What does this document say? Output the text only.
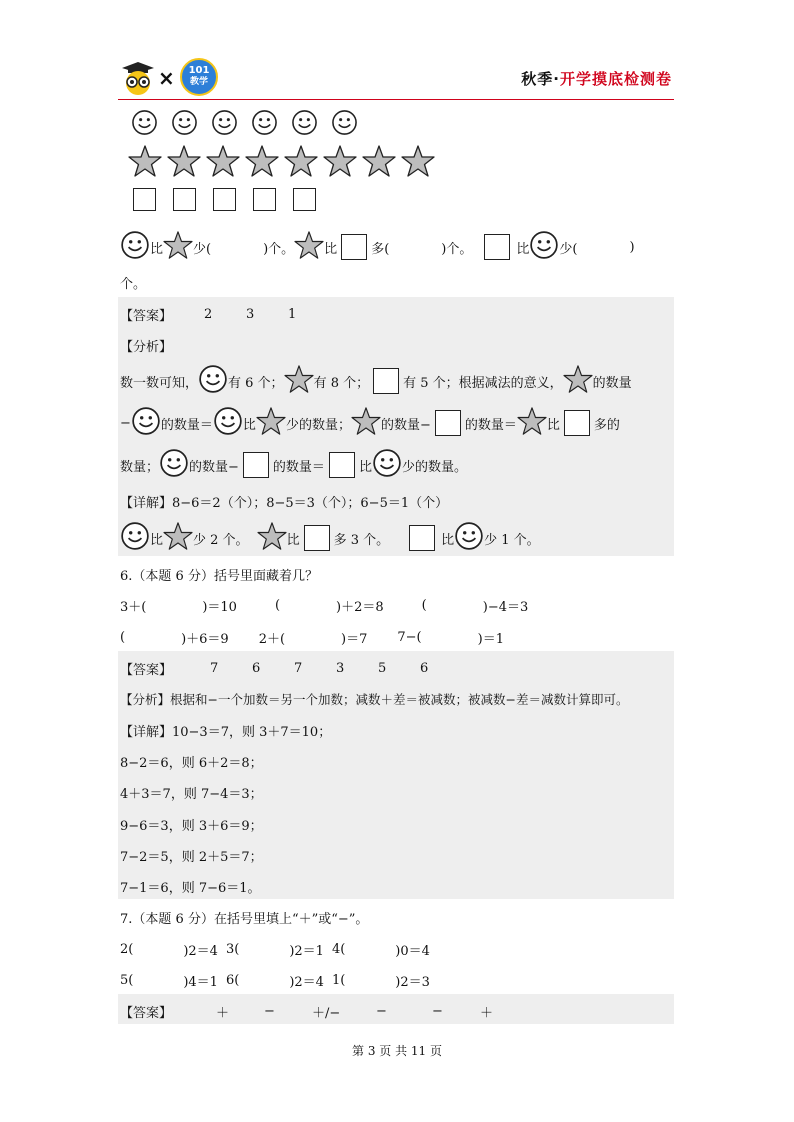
×	101
教学	秋季·开学摸底检测卷
比 少(	)个。 比	多(	)个。	比 少(	)
个。
【答案】 2	3	1
【分析】
数一数可知， 有 6 个； 有 8 个；	有 5 个；根据减法的意义， 的数量
− 的数量＝ 比 少的数量； 的数量−	的数量＝ 比	多的
数量； 的数量−	的数量＝	比 少的数量。
【详解】8−6＝2（个）；8−5＝3（个）；6−5＝1（个）
比 少 2 个。	比	多 3 个。	比 少 1 个。
6.（本题 6 分）括号里面藏着几？
3＋(	)＝10	(	)＋2＝8	(	)−4＝3
(	)＋6＝9 2＋(	)＝7 7−(	)＝1
【答案】	7	6	7	3	5	6
【分析】根据和−一个加数＝另一个加数；减数＋差＝被减数；被减数−差＝减数计算即可。
【详解】10−3＝7，则 3＋7＝10；
8−2＝6，则 6＋2＝8；
4＋3＝7，则 7−4＝3；
9−6＝3，则 3＋6＝9；
7−2＝5，则 2＋5＝7；
7−1＝6，则 7−6＝1。
7.（本题 6 分）在括号里填上“＋”或“−”。
2(	)2＝4 3(	)2＝1 4(	)0＝4
5(	)4＝1 6(	)2＝4 1(	)2＝3
【答案】	＋	−	＋/−	−	−	＋
第 3 页 共 11 页
